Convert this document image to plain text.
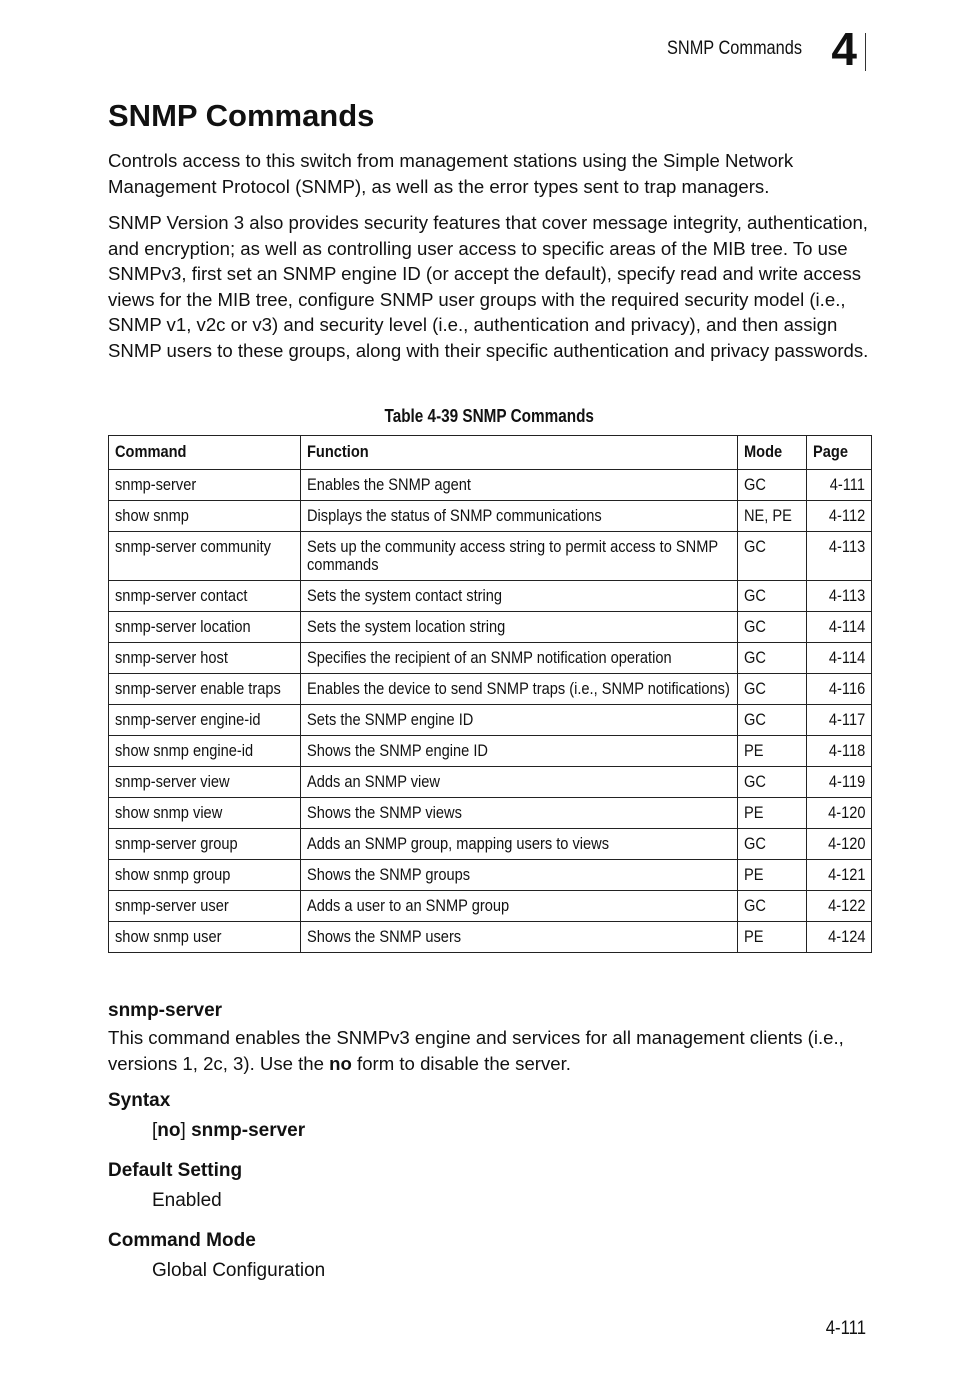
SNMP Commands 4
SNMP Commands

Controls access to this switch from management stations using the Simple Network Management Protocol (SNMP), as well as the error types sent to trap managers.

SNMP Version 3 also provides security features that cover message integrity, authentication, and encryption; as well as controlling user access to specific areas of the MIB tree. To use SNMPv3, first set an SNMP engine ID (or accept the default), specify read and write access views for the MIB tree, configure SNMP user groups with the required security model (i.e., SNMP v1, v2c or v3) and security level (i.e., authentication and privacy), and then assign SNMP users to these groups, along with their specific authentication and privacy passwords.

Table 4-39 SNMP Commands
Command	Function	Mode	Page
snmp-server	Enables the SNMP agent	GC	4-111
show snmp	Displays the status of SNMP communications	NE, PE	4-112
snmp-server community	Sets up the community access string to permit access to SNMP commands	GC	4-113
snmp-server contact	Sets the system contact string	GC	4-113
snmp-server location	Sets the system location string	GC	4-114
snmp-server host	Specifies the recipient of an SNMP notification operation	GC	4-114
snmp-server enable traps	Enables the device to send SNMP traps (i.e., SNMP notifications)	GC	4-116
snmp-server engine-id	Sets the SNMP engine ID	GC	4-117
show snmp engine-id	Shows the SNMP engine ID	PE	4-118
snmp-server view	Adds an SNMP view	GC	4-119
show snmp view	Shows the SNMP views	PE	4-120
snmp-server group	Adds an SNMP group, mapping users to views	GC	4-120
show snmp group	Shows the SNMP groups	PE	4-121
snmp-server user	Adds a user to an SNMP group	GC	4-122
show snmp user	Shows the SNMP users	PE	4-124
snmp-server

This command enables the SNMPv3 engine and services for all management clients (i.e., versions 1, 2c, 3). Use the no form to disable the server.

Syntax

[no] snmp-server

Default Setting

Enabled

Command Mode

Global Configuration

4-111
